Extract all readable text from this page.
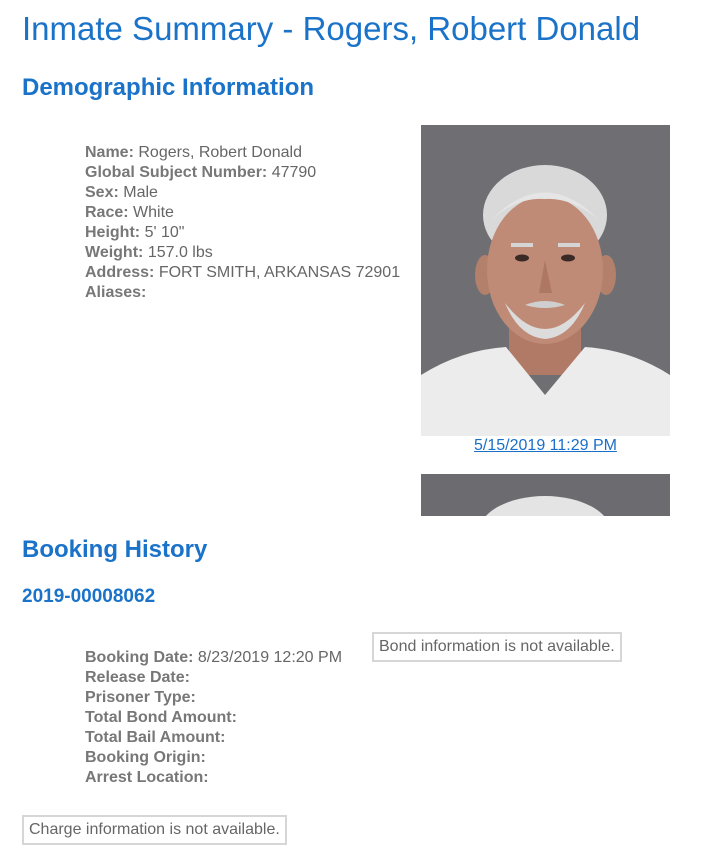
Inmate Summary - Rogers, Robert Donald
Demographic Information
Name: Rogers, Robert Donald
Global Subject Number: 47790
Sex: Male
Race: White
Height: 5' 10"
Weight: 157.0 lbs
Address: FORT SMITH, ARKANSAS 72901
Aliases:
5/15/2019 11:29 PM
Booking History
2019-00008062
Bond information is not available.
Booking Date: 8/23/2019 12:20 PM
Release Date:
Prisoner Type:
Total Bond Amount:
Total Bail Amount:
Booking Origin:
Arrest Location:
Charge information is not available.
